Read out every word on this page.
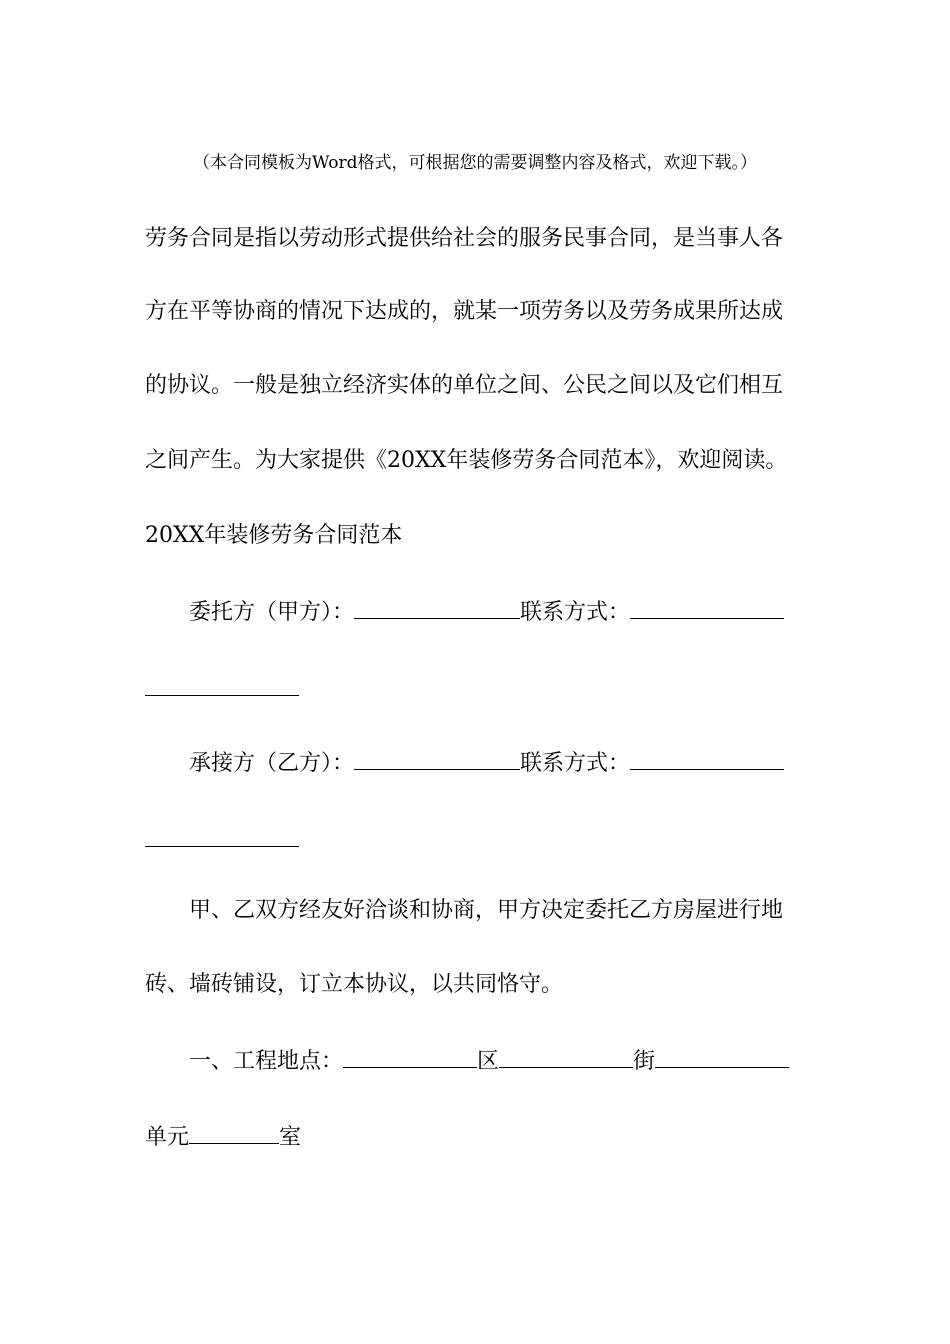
（本合同模板为Word格式，可根据您的需要调整内容及格式，欢迎下载。）
劳务合同是指以劳动形式提供给社会的服务民事合同，是当事人各
方在平等协商的情况下达成的，就某一项劳务以及劳务成果所达成
的协议。一般是独立经济实体的单位之间、公民之间以及它们相互
之间产生。为大家提供《20XX年装修劳务合同范本》，欢迎阅读。
20XX年装修劳务合同范本
委托方（甲方）：	联系方式：
承接方（乙方）：	联系方式：
甲、乙双方经友好洽谈和协商，甲方决定委托乙方房屋进行地
砖、墙砖铺设，订立本协议，以共同恪守。
一、工程地点：	区	街
单元	室
